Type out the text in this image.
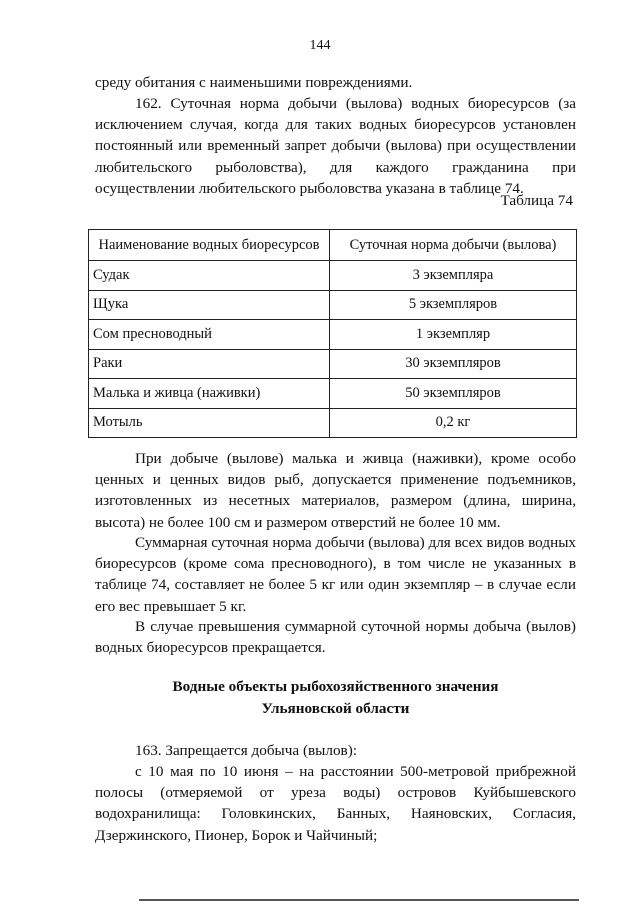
144

среду обитания с наименьшими повреждениями.

162. Суточная норма добычи (вылова) водных биоресурсов (за исключением случая, когда для таких водных биоресурсов установлен постоянный или временный запрет добычи (вылова) при осуществлении любительского рыболовства), для каждого гражданина при осуществлении любительского рыболовства указана в таблице 74.

Таблица 74
Наименование водных биоресурсов	Суточная норма добычи (вылова)
Судак	3 экземпляра
Щука	5 экземпляров
Сом пресноводный	1 экземпляр
Раки	30 экземпляров
Малька и живца (наживки)	50 экземпляров
Мотыль	0,2 кг

При добыче (вылове) малька и живца (наживки), кроме особо ценных и ценных видов рыб, допускается применение подъемников, изготовленных из несетных материалов, размером (длина, ширина, высота) не более 100 см и размером отверстий не более 10 мм.

Суммарная суточная норма добычи (вылова) для всех видов водных биоресурсов (кроме сома пресноводного), в том числе не указанных в таблице 74, составляет не более 5 кг или один экземпляр – в случае если его вес превышает 5 кг.

В случае превышения суммарной суточной нормы добыча (вылов) водных биоресурсов прекращается.

Водные объекты рыбохозяйственного значения
Ульяновской области

163. Запрещается добыча (вылов):

с 10 мая по 10 июня – на расстоянии 500-метровой прибрежной полосы (отмеряемой от уреза воды) островов Куйбышевского водохранилища: Головкинских, Банных, Наяновских, Согласия, Дзержинского, Пионер, Борок и Чайчиный;
